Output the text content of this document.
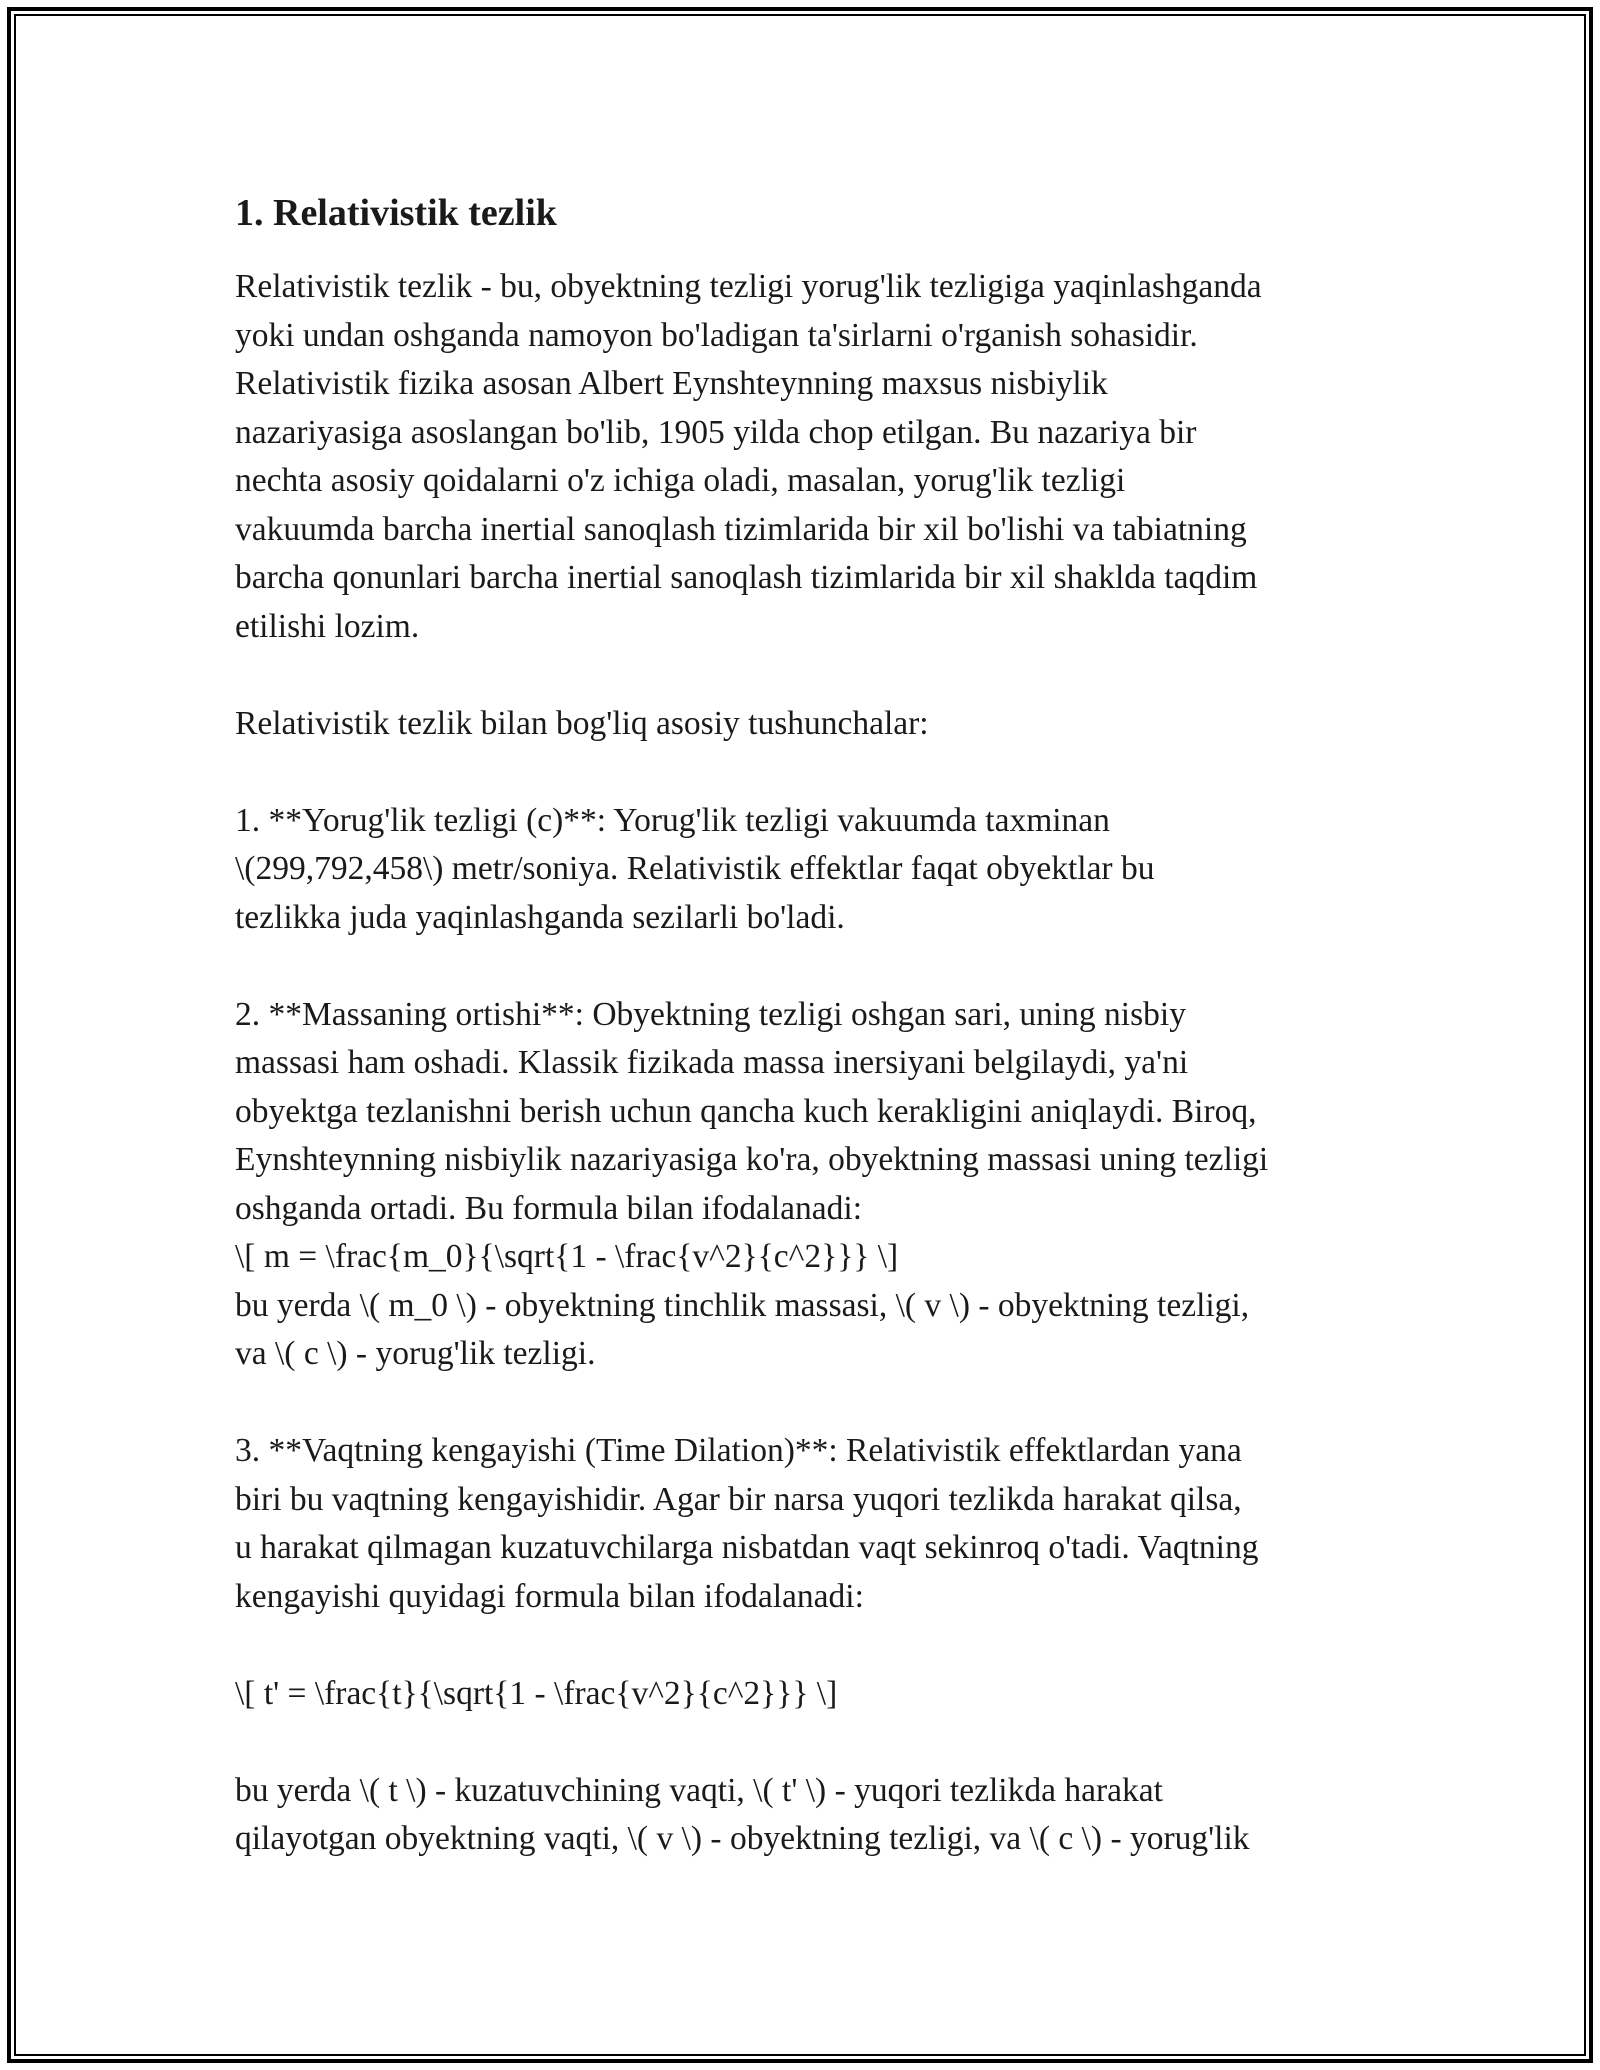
1. Relativistik tezlik

Relativistik tezlik - bu, obyektning tezligi yorug'lik tezligiga yaqinlashganda
yoki undan oshganda namoyon bo'ladigan ta'sirlarni o'rganish sohasidir.
Relativistik fizika asosan Albert Eynshteynning maxsus nisbiylik
nazariyasiga asoslangan bo'lib, 1905 yilda chop etilgan. Bu nazariya bir
nechta asosiy qoidalarni o'z ichiga oladi, masalan, yorug'lik tezligi
vakuumda barcha inertial sanoqlash tizimlarida bir xil bo'lishi va tabiatning
barcha qonunlari barcha inertial sanoqlash tizimlarida bir xil shaklda taqdim
etilishi lozim.

Relativistik tezlik bilan bog'liq asosiy tushunchalar:

1. **Yorug'lik tezligi (c)**: Yorug'lik tezligi vakuumda taxminan
\(299,792,458\) metr/soniya. Relativistik effektlar faqat obyektlar bu
tezlikka juda yaqinlashganda sezilarli bo'ladi.

2. **Massaning ortishi**: Obyektning tezligi oshgan sari, uning nisbiy
massasi ham oshadi. Klassik fizikada massa inersiyani belgilaydi, ya'ni
obyektga tezlanishni berish uchun qancha kuch kerakligini aniqlaydi. Biroq,
Eynshteynning nisbiylik nazariyasiga ko'ra, obyektning massasi uning tezligi
oshganda ortadi. Bu formula bilan ifodalanadi:
\[ m = \frac{m_0}{\sqrt{1 - \frac{v^2}{c^2}}} \]
bu yerda \( m_0 \) - obyektning tinchlik massasi, \( v \) - obyektning tezligi,
va \( c \) - yorug'lik tezligi.

3. **Vaqtning kengayishi (Time Dilation)**: Relativistik effektlardan yana
biri bu vaqtning kengayishidir. Agar bir narsa yuqori tezlikda harakat qilsa,
u harakat qilmagan kuzatuvchilarga nisbatdan vaqt sekinroq o'tadi. Vaqtning
kengayishi quyidagi formula bilan ifodalanadi:

\[ t' = \frac{t}{\sqrt{1 - \frac{v^2}{c^2}}} \]

bu yerda \( t \) - kuzatuvchining vaqti, \( t' \) - yuqori tezlikda harakat
qilayotgan obyektning vaqti, \( v \) - obyektning tezligi, va \( c \) - yorug'lik
